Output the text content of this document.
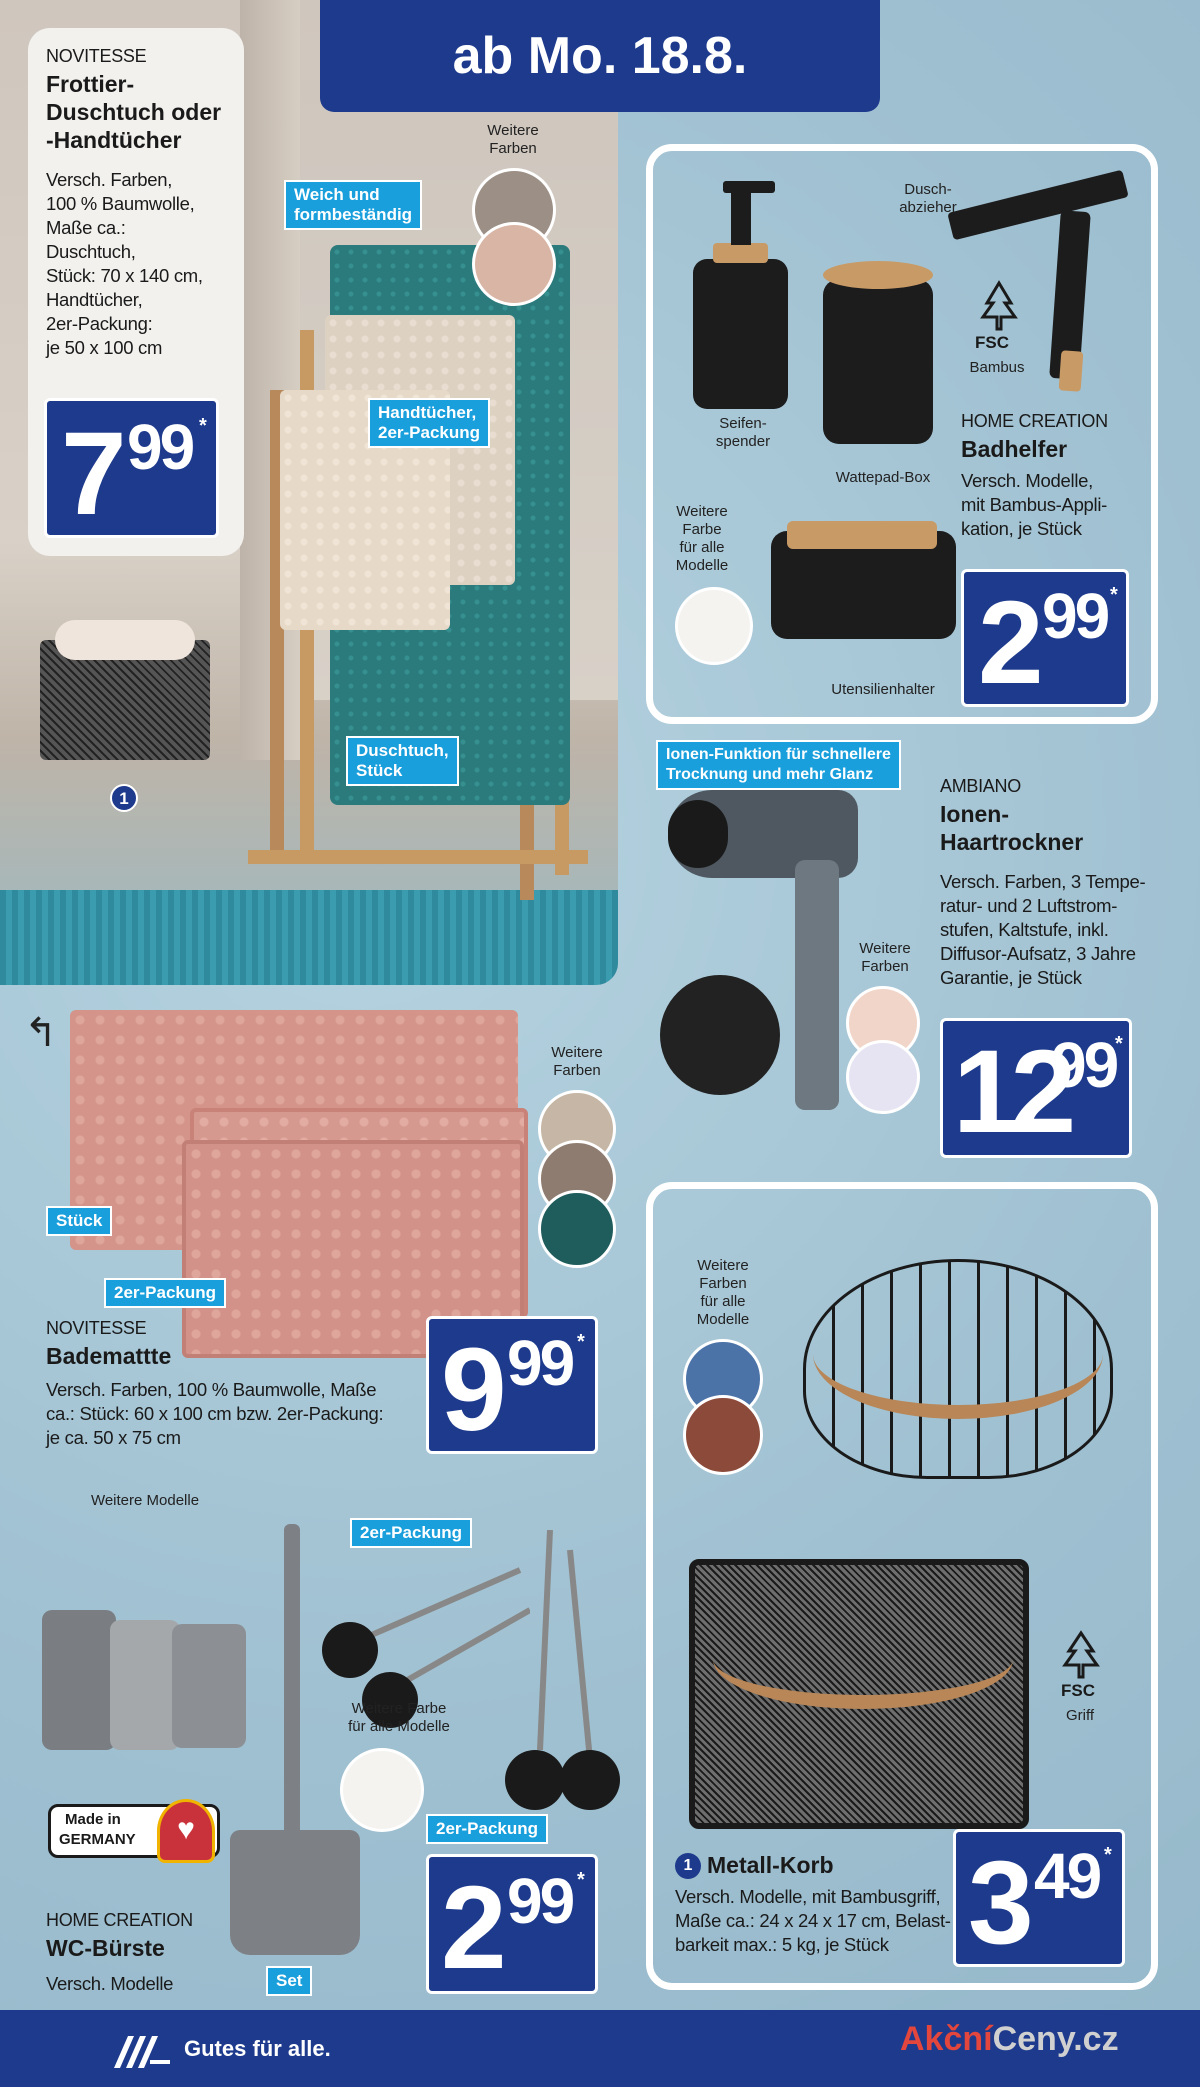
ab Mo. 18.8.
NOVITESSE
Frottier-
Duschtuch oder
-Handtücher
Versch. Farben,
100 % Baumwolle,
Maße ca.:
Duschtuch,
Stück: 70 x 140 cm,
Handtücher,
2er-Packung:
je 50 x 100 cm
7 99 *
Weitere
Farben
Weich und
formbeständig
Handtücher,
2er-Packung
Duschtuch,
Stück
1
FSC
Bambus
Dusch-
abzieher
Seifen-
spender
Wattepad-Box
Utensilienhalter
Weitere
Farbe
für alle
Modelle
HOME CREATION
Badhelfer
Versch. Modelle,
mit Bambus-Appli-
kation, je Stück
2 99 *
Ionen-Funktion für schnellere
Trocknung und mehr Glanz
Weitere
Farben
AMBIANO
Ionen-
Haartrockner
Versch. Farben, 3 Tempe-
ratur- und 2 Luftstrom-
stufen, Kaltstufe, inkl.
Diffusor-Aufsatz, 3 Jahre
Garantie, je Stück
12
99
*
↰	Weitere
Farben
Stück
2er-Packung
NOVITESSE
Bademattte
Versch. Farben, 100 % Baumwolle, Maße
ca.: Stück: 60 x 100 cm bzw. 2er-Packung:
je ca. 50 x 75 cm	9 99 *
Weitere
Farben
für alle
Modelle
FSC
Griff
1 Metall-Korb
Versch. Modelle, mit Bambusgriff,
Maße ca.: 24 x 24 x 17 cm, Belast-
barkeit max.: 5 kg, je Stück 3 49 *
Weitere Modelle
2er-Packung
Weitere Farbe
für alle Modelle
2er-Packung
Made in
GERMANY	♥
HOME CREATION
WC-Bürste
Versch. Modelle	Set 2 99 *
Gutes für alle.	AkčníCeny.cz
